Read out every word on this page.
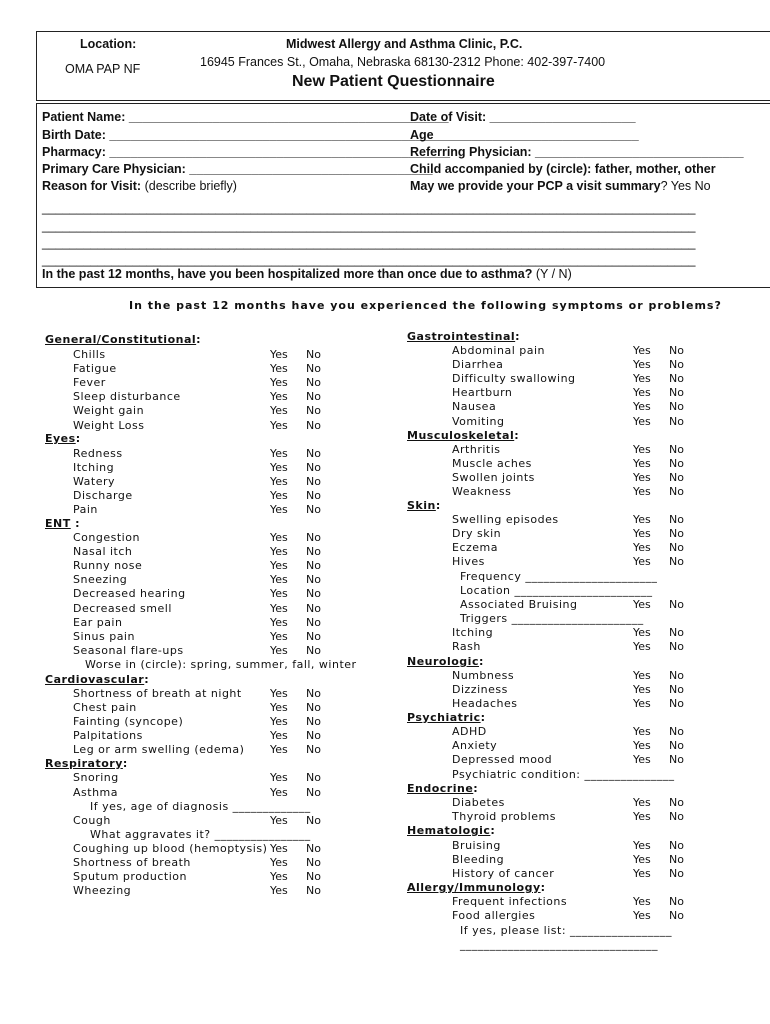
Location:
OMA PAP NF
Midwest Allergy and Asthma Clinic, P.C.
16945 Frances St., Omaha, Nebraska 68130-2312 Phone: 402-397-7400
New Patient Questionnaire
Patient Name: ______________________________________________
Birth Date: ________________________________________________
Pharmacy: _________________________________________________
Primary Care Physician: ___________________________________
Reason for Visit: (describe briefly)
Date of Visit: _____________________
Age _____________________________
Referring Physician: ______________________________
Child accompanied by (circle): father, mother, other
May we provide your PCP a visit summary? Yes No
______________________________________________________________________________________________
______________________________________________________________________________________________
______________________________________________________________________________________________
______________________________________________________________________________________________
In the past 12 months, have you been hospitalized more than once due to asthma? (Y / N)
In the past 12 months have you experienced the following symptoms or problems?
General/Constitutional:
Chills	Yes No
Fatigue	Yes No
Fever	Yes No
Sleep disturbance	Yes No
Weight gain	Yes No
Weight Loss	Yes No
Eyes:
Redness	Yes No
Itching	Yes No
Watery	Yes No
Discharge	Yes No
Pain	Yes No
ENT :
Congestion	Yes No
Nasal itch	Yes No
Runny nose	Yes No
Sneezing	Yes No
Decreased hearing	Yes No
Decreased smell	Yes No
Ear pain	Yes No
Sinus pain	Yes No
Seasonal flare-ups	Yes No
Worse in (circle): spring, summer, fall, winter
Cardiovascular:
Shortness of breath at night	Yes No
Chest pain	Yes No
Fainting (syncope)	Yes No
Palpitations	Yes No
Leg or arm swelling (edema) Yes No
Respiratory:
Snoring	Yes No
Asthma	Yes No
If yes, age of diagnosis _____________
Cough	Yes No
What aggravates it? ________________
Coughing up blood (hemoptysis) Yes No
Shortness of breath	Yes No
Sputum production	Yes No
Wheezing	Yes No
Gastrointestinal:
Abdominal pain	Yes No
Diarrhea	Yes No
Difficulty swallowing	Yes No
Heartburn	Yes No
Nausea	Yes No
Vomiting	Yes No
Musculoskeletal:
Arthritis	Yes No
Muscle aches	Yes No
Swollen joints	Yes No
Weakness	Yes No
Skin:
Swelling episodes	Yes No
Dry skin	Yes No
Eczema	Yes No
Hives	Yes No
Frequency ______________________
Location _______________________
Associated Bruising	Yes No
Triggers ______________________
Itching	Yes No
Rash	Yes No
Neurologic:
Numbness	Yes No
Dizziness	Yes No
Headaches	Yes No
Psychiatric:
ADHD	Yes No
Anxiety	Yes No
Depressed mood	Yes No
Psychiatric condition: _______________
Endocrine:
Diabetes	Yes No
Thyroid problems	Yes No
Hematologic:
Bruising	Yes No
Bleeding	Yes No
History of cancer	Yes No
Allergy/Immunology:
Frequent infections	Yes No
Food allergies	Yes No
If yes, please list: _________________
_________________________________
